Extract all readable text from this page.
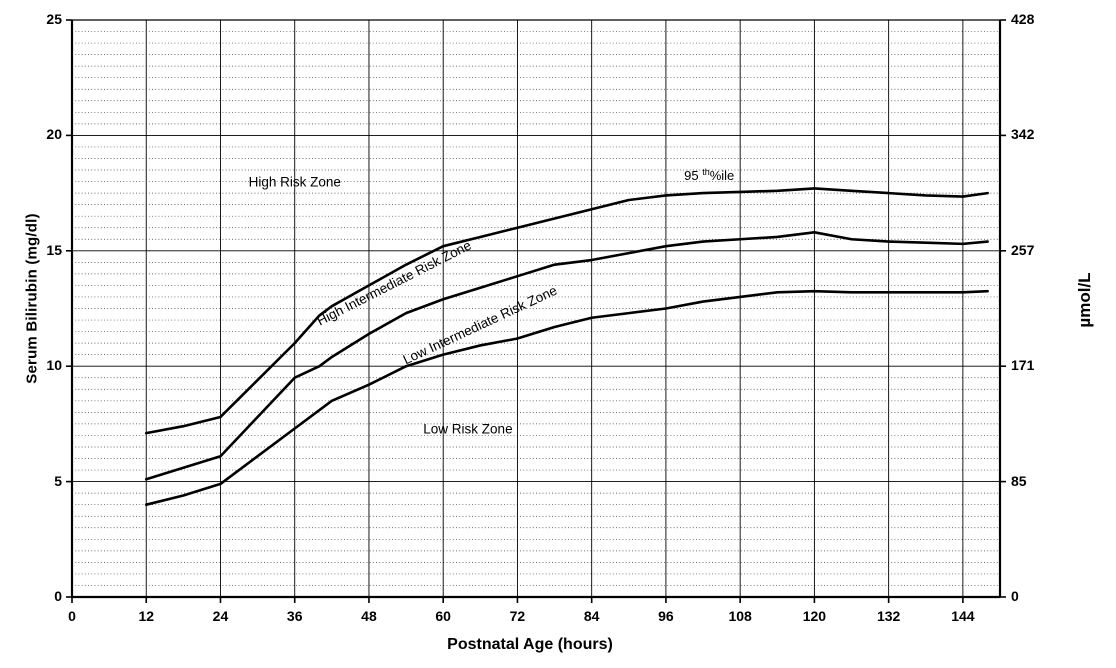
Serum Bilirubin (mg/dl)	µmol/L
Postnatal Age (hours)
0
5
10
15
20
25
0
85
171
257
342
428
0	12	24	36	48	60	72	84	96	108	120	132	144
High Risk Zone
High Intermediate Risk Zone
Low Intermediate Risk Zone
Low Risk Zone
95 $^{th}$%ile
